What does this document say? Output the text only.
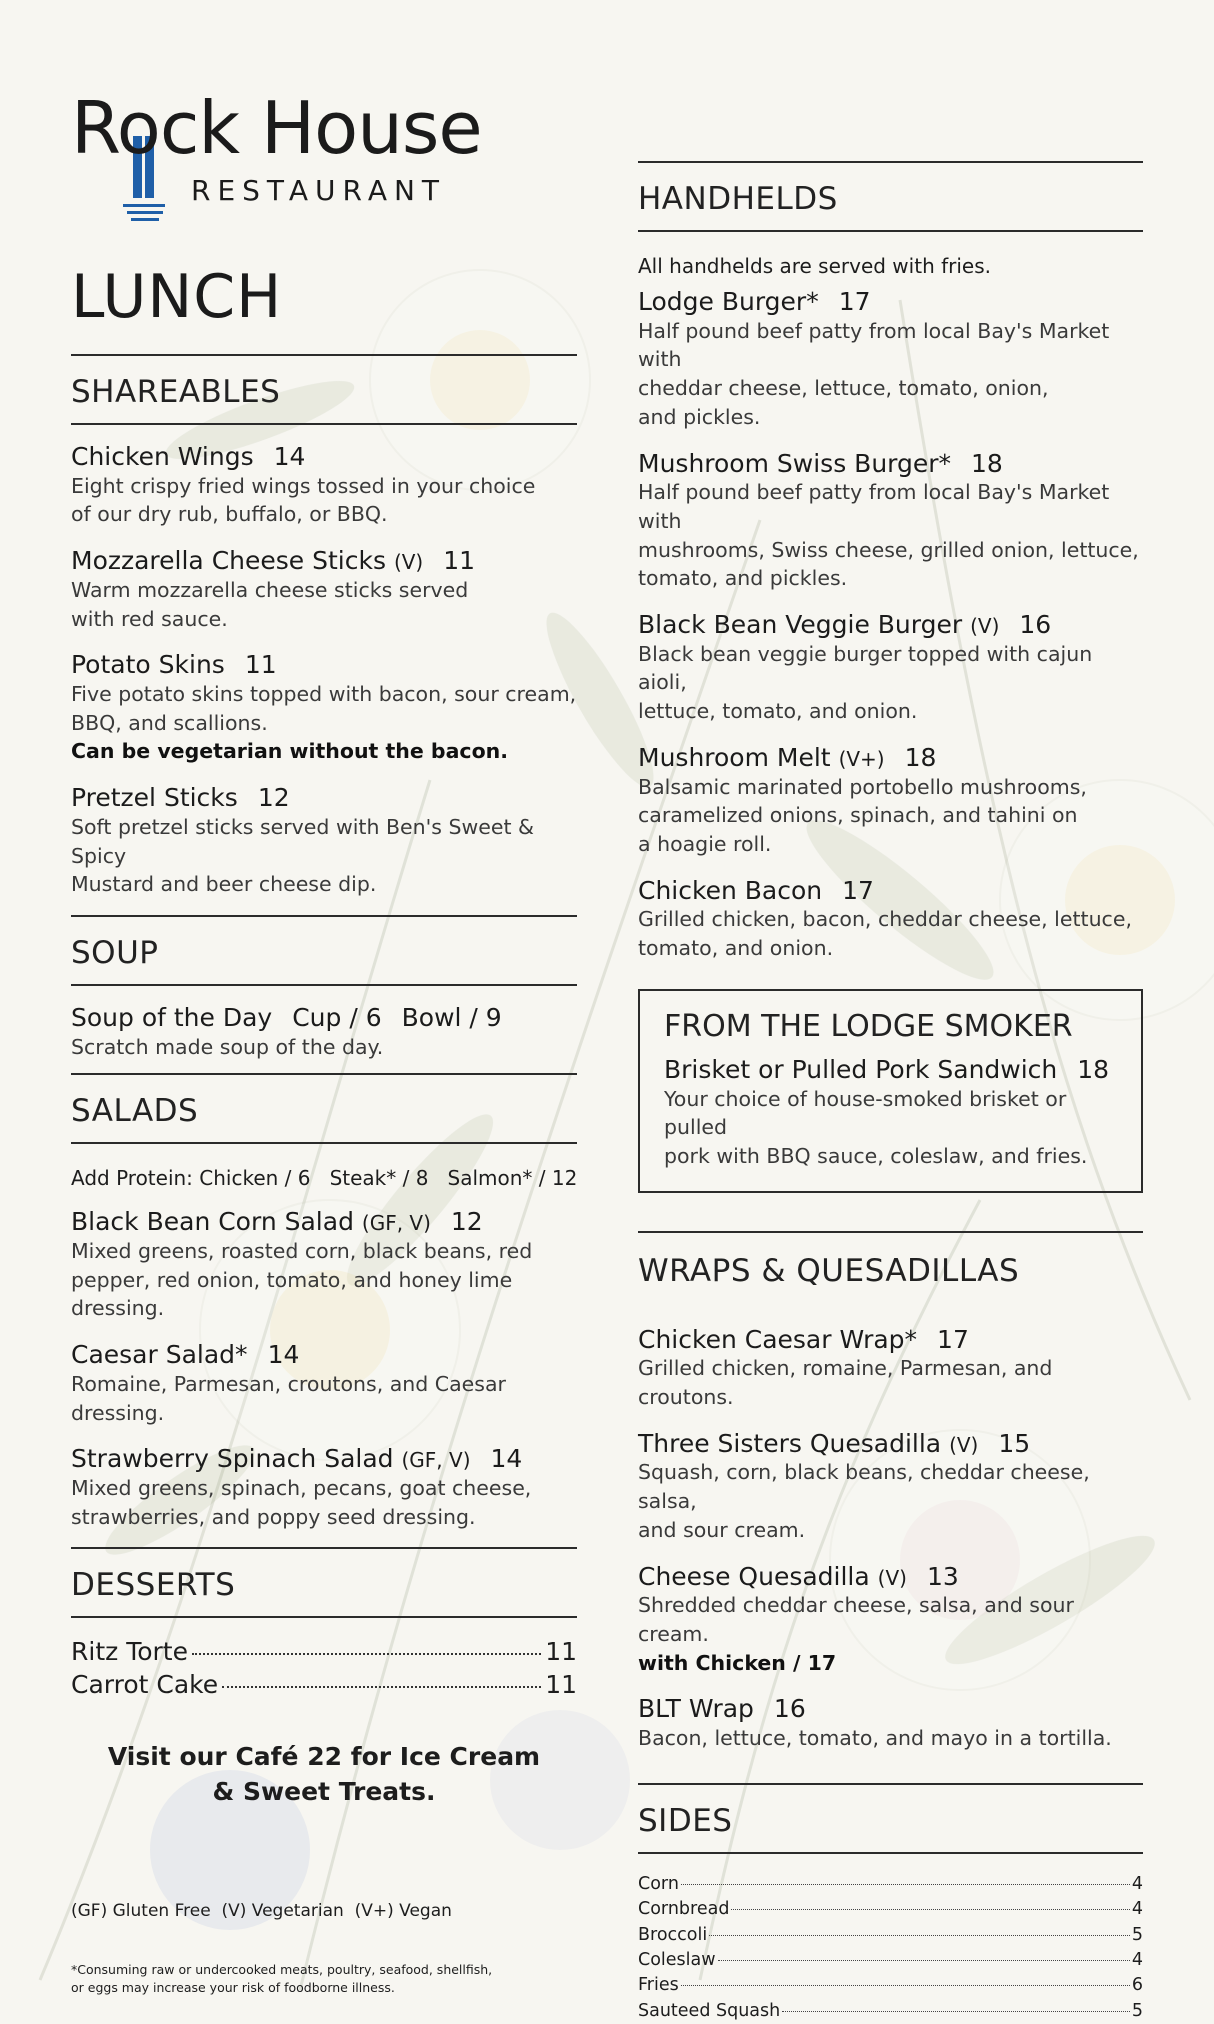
Rock House
RESTAURANT
LUNCH
SHAREABLES
Chicken Wings 14
Eight crispy fried wings tossed in your choice
of our dry rub, buffalo, or BBQ.
Mozzarella Cheese Sticks (V) 11
Warm mozzarella cheese sticks served
with red sauce.
Potato Skins 11
Five potato skins topped with bacon, sour cream,
BBQ, and scallions.
Can be vegetarian without the bacon.
Pretzel Sticks 12
Soft pretzel sticks served with Ben's Sweet & Spicy
Mustard and beer cheese dip.
SOUP
Soup of the Day Cup / 6 Bowl / 9
Scratch made soup of the day.
SALADS
Add Protein: Chicken / 6   Steak* / 8   Salmon* / 12
Black Bean Corn Salad (GF, V) 12
Mixed greens, roasted corn, black beans, red
pepper, red onion, tomato, and honey lime
dressing.
Caesar Salad* 14
Romaine, Parmesan, croutons, and Caesar dressing.
Strawberry Spinach Salad (GF, V) 14
Mixed greens, spinach, pecans, goat cheese,
strawberries, and poppy seed dressing.
DESSERTS
Ritz Torte	11
Carrot Cake	11
Visit our Café 22 for Ice Cream
& Sweet Treats.
(GF) Gluten Free  (V) Vegetarian  (V+) Vegan
*Consuming raw or undercooked meats, poultry, seafood, shellfish,
or eggs may increase your risk of foodborne illness.
HANDHELDS
All handhelds are served with fries.
Lodge Burger* 17
Half pound beef patty from local Bay's Market with
cheddar cheese, lettuce, tomato, onion,
and pickles.
Mushroom Swiss Burger* 18
Half pound beef patty from local Bay's Market with
mushrooms, Swiss cheese, grilled onion, lettuce,
tomato, and pickles.
Black Bean Veggie Burger (V) 16
Black bean veggie burger topped with cajun aioli,
lettuce, tomato, and onion.
Mushroom Melt (V+) 18
Balsamic marinated portobello mushrooms,
caramelized onions, spinach, and tahini on
a hoagie roll.
Chicken Bacon 17
Grilled chicken, bacon, cheddar cheese, lettuce,
tomato, and onion.
FROM THE LODGE SMOKER
Brisket or Pulled Pork Sandwich 18
Your choice of house-smoked brisket or pulled
pork with BBQ sauce, coleslaw, and fries.
WRAPS & QUESADILLAS
Chicken Caesar Wrap* 17
Grilled chicken, romaine, Parmesan, and croutons.
Three Sisters Quesadilla (V) 15
Squash, corn, black beans, cheddar cheese, salsa,
and sour cream.
Cheese Quesadilla (V) 13
Shredded cheddar cheese, salsa, and sour cream.
with Chicken / 17
BLT Wrap 16
Bacon, lettuce, tomato, and mayo in a tortilla.
SIDES
Corn	4
Cornbread	4
Broccoli	5
Coleslaw	4
Fries	6
Sauteed Squash	5
